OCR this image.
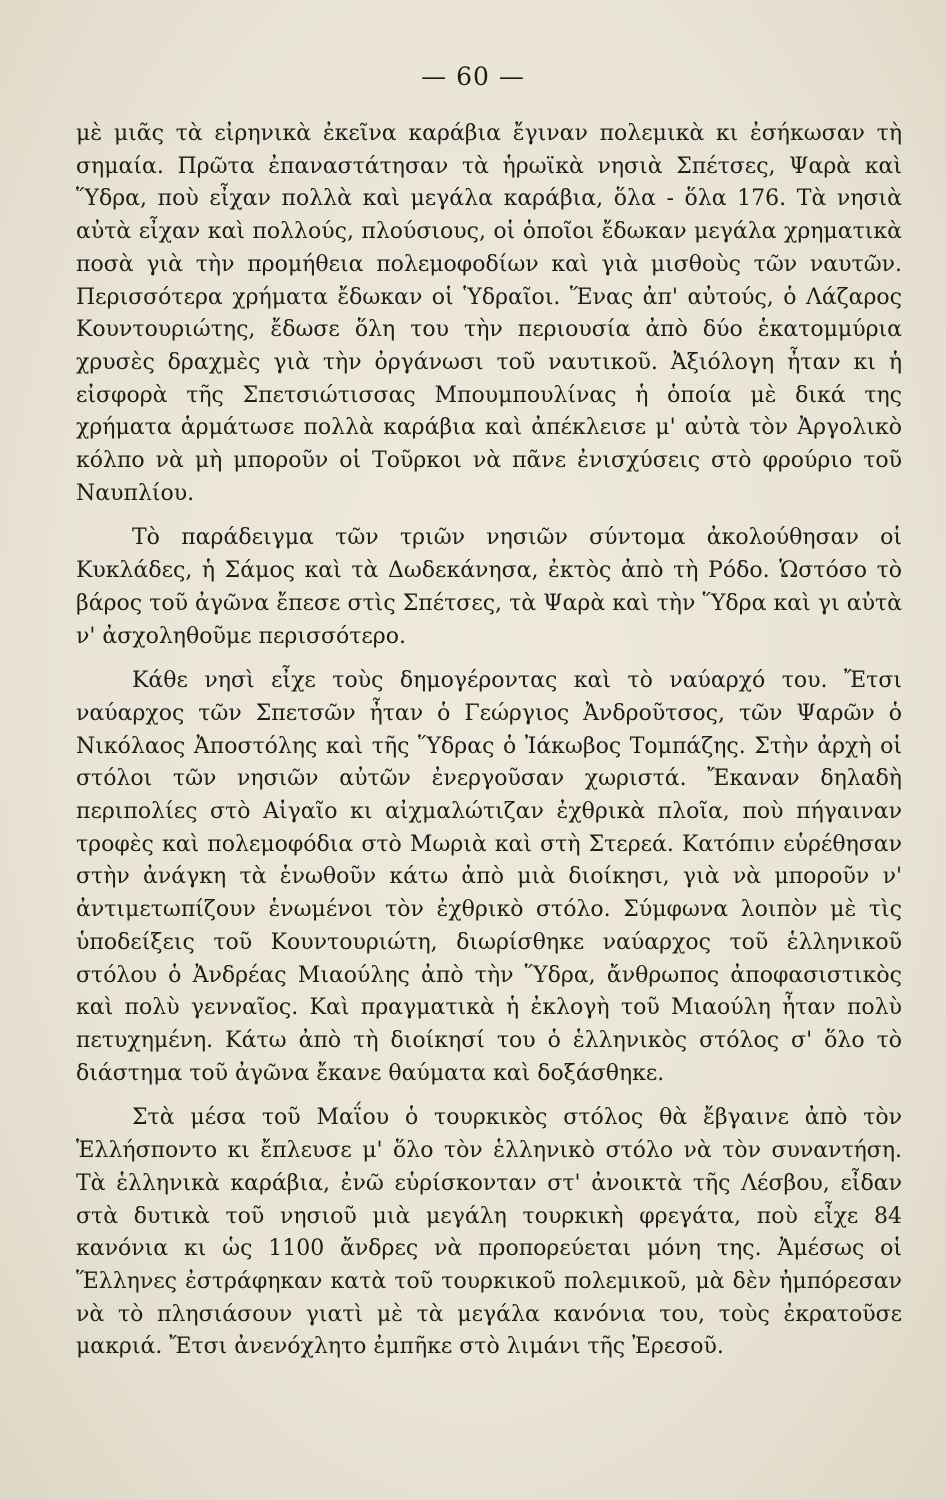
— 60 —

μὲ μιᾶς τὰ εἰρηνικὰ ἐκεῖνα καράβια ἔγιναν πολεμικὰ κι ἐσήκωσαν τὴ σημαία. Πρῶτα ἐπαναστάτησαν τὰ ἡρωϊκὰ νησιὰ Σπέτσες, Ψαρὰ καὶ Ὕδρα, ποὺ εἶχαν πολλὰ καὶ μεγάλα καράβια, ὅλα - ὅλα 176. Τὰ νησιὰ αὐτὰ εἶχαν καὶ πολλούς, πλούσιους, οἱ ὁποῖοι ἔδωκαν μεγάλα χρηματικὰ ποσὰ γιὰ τὴν προμήθεια πολεμοφοδίων καὶ γιὰ μισθοὺς τῶν ναυτῶν. Περισσότερα χρήματα ἔδωκαν οἱ Ὑδραῖοι. Ἕνας ἀπ' αὐτούς, ὁ Λάζαρος Κουντουριώτης, ἔδωσε ὅλη του τὴν περιουσία ἀπὸ δύο ἑκατομμύρια χρυσὲς δραχμὲς γιὰ τὴν ὀργάνωσι τοῦ ναυτικοῦ. Ἀξιόλογη ἦταν κι ἡ εἰσφορὰ τῆς Σπετσιώτισσας Μπουμπουλίνας ἡ ὁποία μὲ δικά της χρήματα ἁρμάτωσε πολλὰ καράβια καὶ ἀπέκλεισε μ' αὐτὰ τὸν Ἀργολικὸ κόλπο νὰ μὴ μποροῦν οἱ Τοῦρκοι νὰ πᾶνε ἐνισχύσεις στὸ φρούριο τοῦ Ναυπλίου.

Τὸ παράδειγμα τῶν τριῶν νησιῶν σύντομα ἀκολούθησαν οἱ Κυκλάδες, ἡ Σάμος καὶ τὰ Δωδεκάνησα, ἐκτὸς ἀπὸ τὴ Ρόδο. Ὡστόσο τὸ βάρος τοῦ ἀγῶνα ἔπεσε στὶς Σπέτσες, τὰ Ψαρὰ καὶ τὴν Ὕδρα καὶ γι αὐτὰ ν' ἀσχοληθοῦμε περισσότερο.

Κάθε νησὶ εἶχε τοὺς δημογέροντας καὶ τὸ ναύαρχό του. Ἔτσι ναύαρχος τῶν Σπετσῶν ἦταν ὁ Γεώργιος Ἀνδροῦτσος, τῶν Ψαρῶν ὁ Νικόλαος Ἀποστόλης καὶ τῆς Ὕδρας ὁ Ἰάκωβος Τομπάζης. Στὴν ἀρχὴ οἱ στόλοι τῶν νησιῶν αὐτῶν ἐνεργοῦσαν χωριστά. Ἔκαναν δηλαδὴ περιπολίες στὸ Αἰγαῖο κι αἰχμαλώτιζαν ἐχθρικὰ πλοῖα, ποὺ πήγαιναν τροφὲς καὶ πολεμοφόδια στὸ Μωριὰ καὶ στὴ Στερεά. Κατόπιν εὑρέθησαν στὴν ἀνάγκη τὰ ἑνωθοῦν κάτω ἀπὸ μιὰ διοίκησι, γιὰ νὰ μποροῦν ν' ἀντιμετωπίζουν ἑνωμένοι τὸν ἐχθρικὸ στόλο. Σύμφωνα λοιπὸν μὲ τὶς ὑποδείξεις τοῦ Κουντουριώτη, διωρίσθηκε ναύαρχος τοῦ ἑλληνικοῦ στόλου ὁ Ἀνδρέας Μιαούλης ἀπὸ τὴν Ὕδρα, ἄνθρωπος ἀποφασιστικὸς καὶ πολὺ γενναῖος. Καὶ πραγματικὰ ἡ ἐκλογὴ τοῦ Μιαούλη ἦταν πολὺ πετυχημένη. Κάτω ἀπὸ τὴ διοίκησί του ὁ ἑλληνικὸς στόλος σ' ὅλο τὸ διάστημα τοῦ ἀγῶνα ἔκανε θαύματα καὶ δοξάσθηκε.

Στὰ μέσα τοῦ Μαΐου ὁ τουρκικὸς στόλος θὰ ἔβγαινε ἀπὸ τὸν Ἑλλήσποντο κι ἔπλευσε μ' ὅλο τὸν ἑλληνικὸ στόλο νὰ τὸν συναντήση. Τὰ ἑλληνικὰ καράβια, ἐνῶ εὑρίσκονταν στ' ἀνοικτὰ τῆς Λέσβου, εἶδαν στὰ δυτικὰ τοῦ νησιοῦ μιὰ μεγάλη τουρκικὴ φρεγάτα, ποὺ εἶχε 84 κανόνια κι ὡς 1100 ἄνδρες νὰ προπορεύεται μόνη της. Ἀμέσως οἱ Ἕλληνες ἐστράφηκαν κατὰ τοῦ τουρκικοῦ πολεμικοῦ, μὰ δὲν ἠμπόρεσαν νὰ τὸ πλησιάσουν γιατὶ μὲ τὰ μεγάλα κανόνια του, τοὺς ἐκρατοῦσε μακριά. Ἔτσι ἀνενόχλητο ἐμπῆκε στὸ λιμάνι τῆς Ἐρεσοῦ.
